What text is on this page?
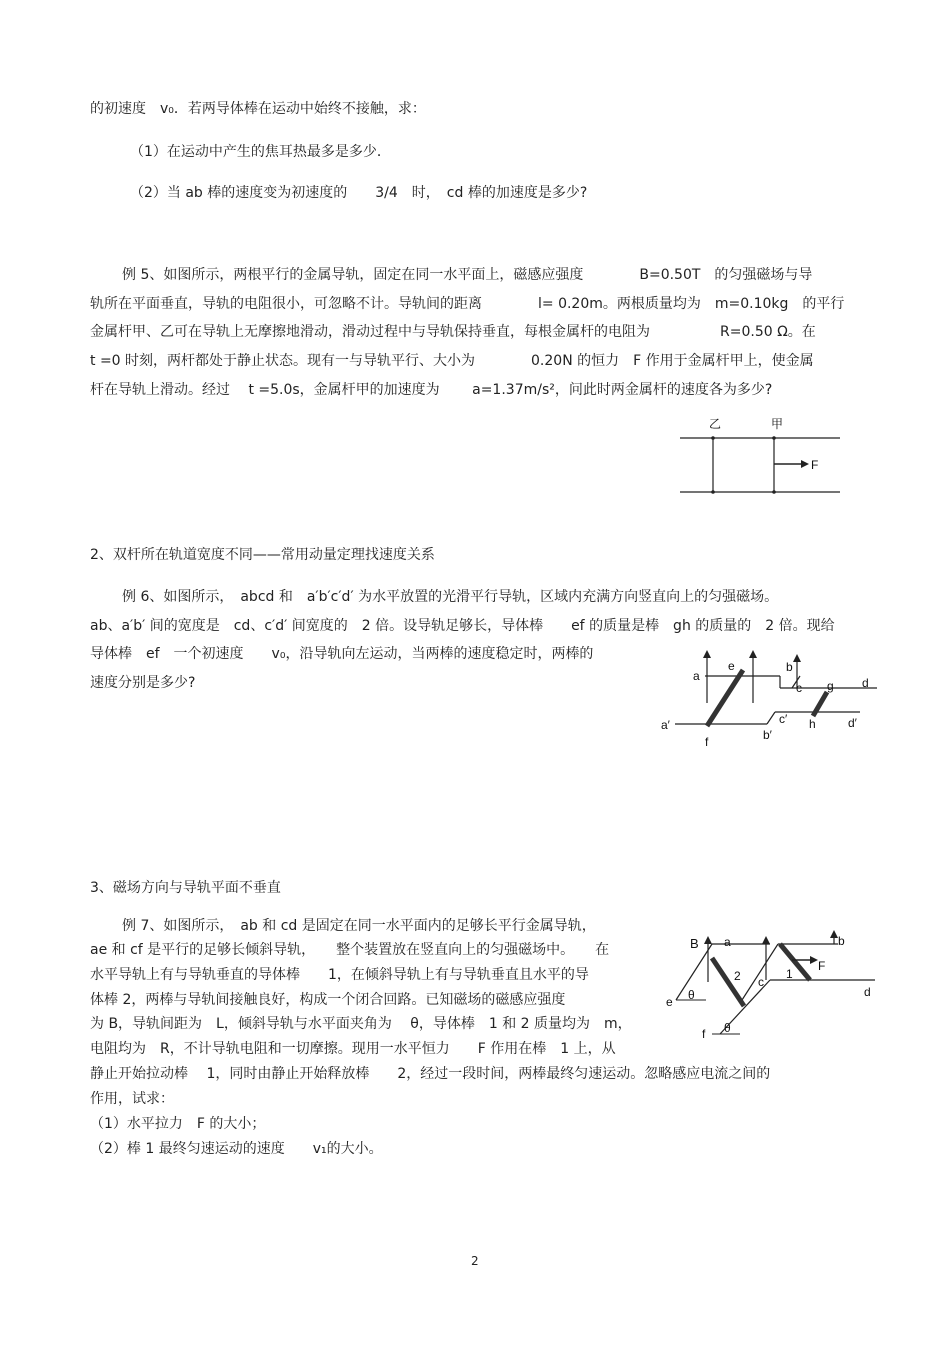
的初速度　v₀．若两导体棒在运动中始终不接触，求：
（1）在运动中产生的焦耳热最多是多少．
（2）当 ab 棒的速度变为初速度的　　3/4　时，　cd 棒的加速度是多少?
例 5、如图所示，两根平行的金属导轨，固定在同一水平面上，磁感应强度　　　　B=0.50T　的匀强磁场与导
轨所在平面垂直，导轨的电阻很小，可忽略不计。导轨间的距离　　　　l= 0.20m。两根质量均为　m=0.10kg　的平行
金属杆甲、乙可在导轨上无摩擦地滑动，滑动过程中与导轨保持垂直，每根金属杆的电阻为　　　　　R=0.50 Ω。在
t =0 时刻，两杆都处于静止状态。现有一与导轨平行、大小为　　　　0.20N 的恒力　F 作用于金属杆甲上，使金属
杆在导轨上滑动。经过　 t =5.0s，金属杆甲的加速度为　　 a=1.37m/s²，问此时两金属杆的速度各为多少?
乙	甲
F
2、双杆所在轨道宽度不同——常用动量定理找速度关系
例 6、如图所示，　abcd 和　a′b′c′d′ 为水平放置的光滑平行导轨，区域内充满方向竖直向上的匀强磁场。
ab、a′b′ 间的宽度是　cd、c′d′ 间宽度的　2 倍。设导轨足够长，导体棒　　ef 的质量是棒　gh 的质量的　2 倍。现给
导体棒　ef　一个初速度　　v₀，沿导轨向左运动，当两棒的速度稳定时，两棒的
速度分别是多少?	a
e	b
c g d
a′
f	b′
c′ h	d′
3、磁场方向与导轨平面不垂直
例 7、如图所示，　ab 和 cd 是固定在同一水平面内的足够长平行金属导轨，
ae 和 cf 是平行的足够长倾斜导轨，　　整个装置放在竖直向上的匀强磁场中。　　在
水平导轨上有与导轨垂直的导体棒　　1，在倾斜导轨上有与导轨垂直且水平的导
体棒 2，两棒与导轨间接触良好，构成一个闭合回路。已知磁场的磁感应强度
为 B，导轨间距为　L，倾斜导轨与水平面夹角为　 θ，导体棒　1 和 2 质量均为　m，
电阻均为　R，不计导轨电阻和一切摩擦。现用一水平恒力　　F 作用在棒　1 上，从
静止开始拉动棒　 1，同时由静止开始释放棒　　2，经过一段时间，两棒最终匀速运动。忽略感应电流之间的
作用，试求：
（1）水平拉力　F 的大小；
（2）棒 1 最终匀速运动的速度　　v₁的大小。
B a	b
F
2	1
c
d
e θ
f θ
2
